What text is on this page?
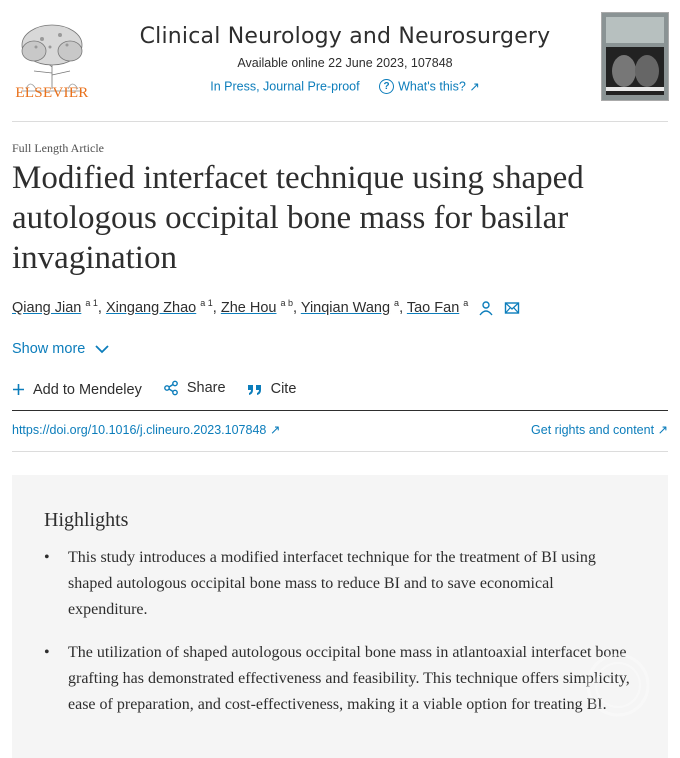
ELSEVIER
Clinical Neurology and Neurosurgery
Available online 22 June 2023, 107848
In Press, Journal Pre-proof ? What's this? ↗
Full Length Article
Modified interfacet technique using shaped autologous occipital bone mass for basilar invagination
Qiang Jian $^{a 1}$, Xingang Zhao $^{a 1}$, Zhe Hou $^{a b}$, Yinqian Wang $^a$, Tao Fan $^a$
Show more
Add to Mendeley
	Share
	Cite
https://doi.org/10.1016/j.clineuro.2023.107848 ↗	Get rights and content ↗
Highlights
• This study introduces a modified interfacet technique for the treatment of BI using shaped autologous occipital bone mass to reduce BI and to save economical expenditure.
• The utilization of shaped autologous occipital bone mass in atlantoaxial interfacet bone grafting has demonstrated effectiveness and feasibility. This technique offers simplicity, ease of preparation, and cost-effectiveness, making it a viable option for treating BI.
